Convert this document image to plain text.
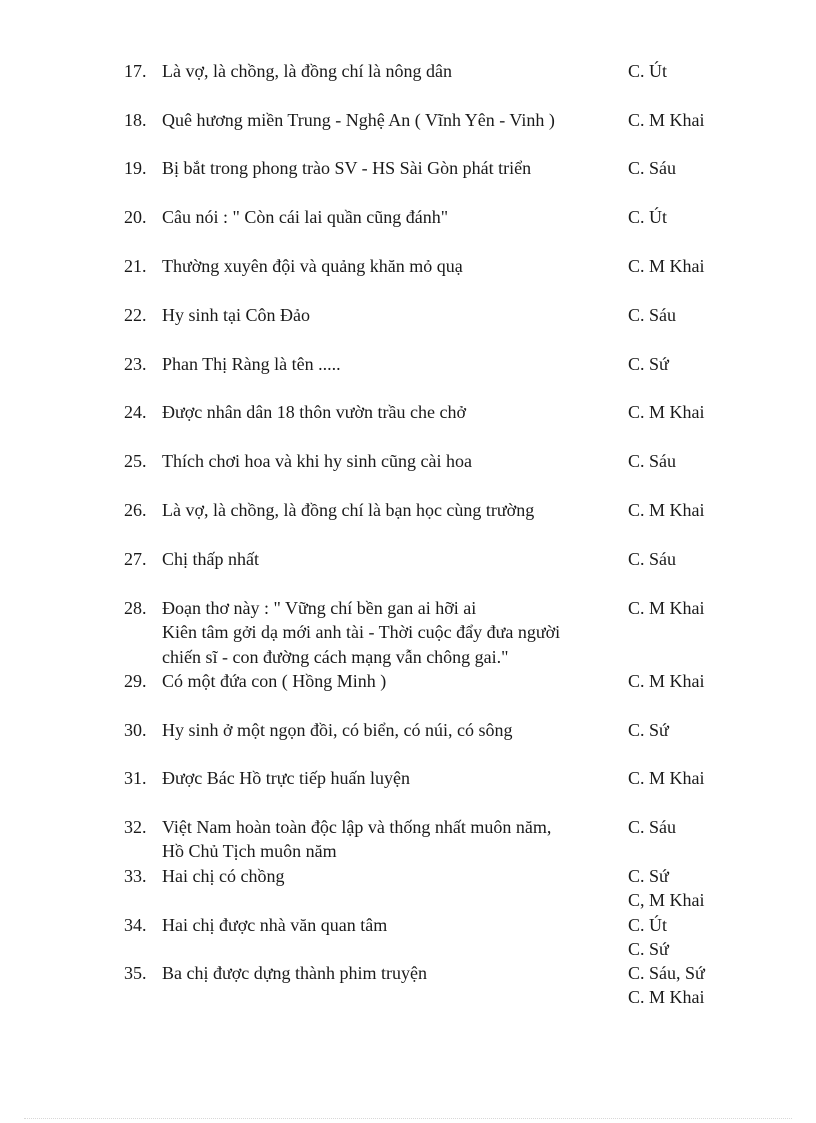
17. Là vợ, là chồng, là đồng chí là nông dân	C. Út
18. Quê hương miền Trung - Nghệ An ( Vĩnh Yên - Vinh )	C. M Khai
19. Bị bắt trong phong trào SV - HS Sài Gòn phát triển	C. Sáu
20. Câu nói : " Còn cái lai quần cũng đánh"	C. Út
21. Thường xuyên đội và quảng khăn mỏ quạ	C. M Khai
22. Hy sinh tại Côn Đảo	C. Sáu
23. Phan Thị Ràng là tên .....	C. Sứ
24. Được nhân dân 18 thôn vườn trầu che chở	C. M Khai
25. Thích chơi hoa và khi hy sinh cũng cài hoa	C. Sáu
26. Là vợ, là chồng, là đồng chí là bạn học cùng trường	C. M Khai
27. Chị thấp nhất	C. Sáu
28. Đoạn thơ này : " Vững chí bền gan ai hỡi ai
Kiên tâm gởi dạ mới anh tài - Thời cuộc đẩy đưa người
chiến sĩ - con đường cách mạng vẫn chông gai."
C. M Khai
29. Có một đứa con ( Hồng Minh )	C. M Khai
30. Hy sinh ở một ngọn đồi, có biển, có núi, có sông	C. Sứ
31. Được Bác Hồ trực tiếp huấn luyện	C. M Khai
32. Việt Nam hoàn toàn độc lập và thống nhất muôn năm,
Hồ Chủ Tịch muôn năm
C. Sáu
33. Hai chị có chồng	C. Sứ
C, M Khai
34. Hai chị được nhà văn quan tâm	C. Út
C. Sứ
35. Ba chị được dựng thành phim truyện	C. Sáu, Sứ
C. M Khai
